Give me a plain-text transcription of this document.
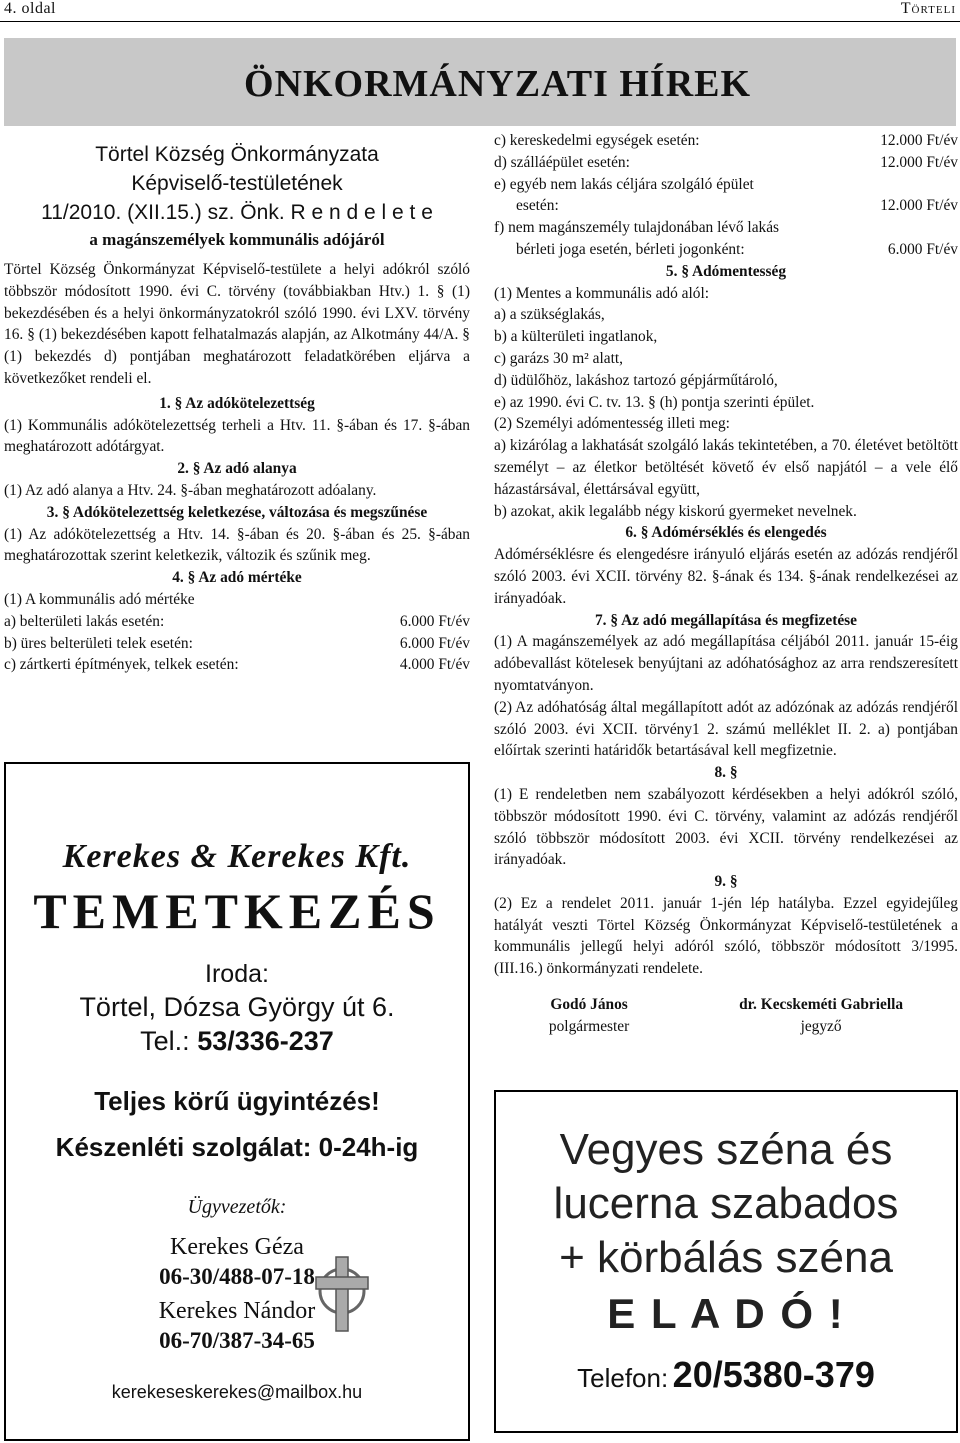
4. oldal	Törteli
ÖNKORMÁNYZATI HÍREK

Törtel Község Önkormányzata

Képviselő-testületének

11/2010. (XII.15.) sz. Önk. R e n d e l e t e

a magánszemélyek kommunális adójáról

Törtel Község Önkormányzat Képviselő-testülete a helyi adókról szóló többször módosított 1990. évi C. törvény (továbbiakban Htv.) 1. § (1) bekezdésében és a helyi önkormányzatokról szóló 1990. évi LXV. törvény 16. § (1) bekezdésében kapott felhatalmazás alapján, az Alkotmány 44/A. § (1) bekezdés d) pontjában meghatározott feladatkörében eljárva a következőket rendeli el.

1. § Az adókötelezettség

(1) Kommunális adókötelezettség terheli a Htv. 11. §-ában és 17. §-ában meghatározott adótárgyat.

2. § Az adó alanya

(1) Az adó alanya a Htv. 24. §-ában meghatározott adóalany.

3. § Adókötelezettség keletkezése, változása és megszűnése

(1) Az adókötelezettség a Htv. 14. §-ában és 20. §-ában és 25. §-ában meghatározottak szerint keletkezik, változik és szűnik meg.

4. § Az adó mértéke

(1) A kommunális adó mértéke

a) belterületi lakás esetén:	6.000 Ft/év
b) üres belterületi telek esetén:	6.000 Ft/év
c) zártkerti építmények, telkek esetén:	4.000 Ft/év
Kerekes & Kerekes Kft.
TEMETKEZÉS
Iroda:
Törtel, Dózsa György út 6.
Tel.: 53/336-237
Teljes körű ügyintézés!
Készenléti szolgálat: 0-24h-ig
Ügyvezetők:
Kerekes Géza
06-30/488-07-18
Kerekes Nándor
06-70/387-34-65
kerekeseskerekes@mailbox.hu
c) kereskedelmi egységek esetén:	12.000 Ft/év
d) szálláépület esetén:	12.000 Ft/év

e) egyéb nem lakás céljára szolgáló épület

esetén:	12.000 Ft/év

f) nem magánszemély tulajdonában lévő lakás

bérleti joga esetén, bérleti jogonként:	6.000 Ft/év

5. § Adómentesség

(1) Mentes a kommunális adó alól:

a) a szükséglakás,

b) a külterületi ingatlanok,

c) garázs 30 m² alatt,

d) üdülőhöz, lakáshoz tartozó gépjárműtároló,

e) az 1990. évi C. tv. 13. § (h) pontja szerinti épület.

(2) Személyi adómentesség illeti meg:

a) kizárólag a lakhatását szolgáló lakás tekintetében, a 70. életévet betöltött személyt – az életkor betöltését követő év első napjától – a vele élő házastársával, élettársával együtt,

b) azokat, akik legalább négy kiskorú gyermeket nevelnek.

6. § Adómérséklés és elengedés

Adómérséklésre és elengedésre irányuló eljárás esetén az adózás rendjéről szóló 2003. évi XCII. törvény 82. §-ának és 134. §-ának rendelkezései az irányadóak.

7. § Az adó megállapítása és megfizetése

(1) A magánszemélyek az adó megállapítása céljából 2011. január 15-éig adóbevallást kötelesek benyújtani az adóhatósághoz az arra rendszeresített nyomtatványon.

(2) Az adóhatóság által megállapított adót az adózónak az adózás rendjéről szóló 2003. évi XCII. törvény1 2. számú melléklet II. 2. a) pontjában előírtak szerinti határidők betartásával kell megfizetnie.

8. §

(1) E rendeletben nem szabályozott kérdésekben a helyi adókról szóló, többször módosított 1990. évi C. törvény, valamint az adózás rendjéről szóló többször módosított 2003. évi XCII. törvény rendelkezései az irányadóak.

9. §

(2) Ez a rendelet 2011. január 1-jén lép hatályba. Ezzel egyidejűleg hatályát veszti Törtel Község Önkormányzat Képviselő-testületének a kommunális jellegű helyi adóról szóló, többször módosított 3/1995. (III.16.) önkormányzati rendelete.

Godó János
polgármester
dr. Kecskeméti Gabriella
jegyző
Vegyes széna és
lucerna szabados
+ körbálás széna
E L A D Ó !
Telefon: 20/5380-379
